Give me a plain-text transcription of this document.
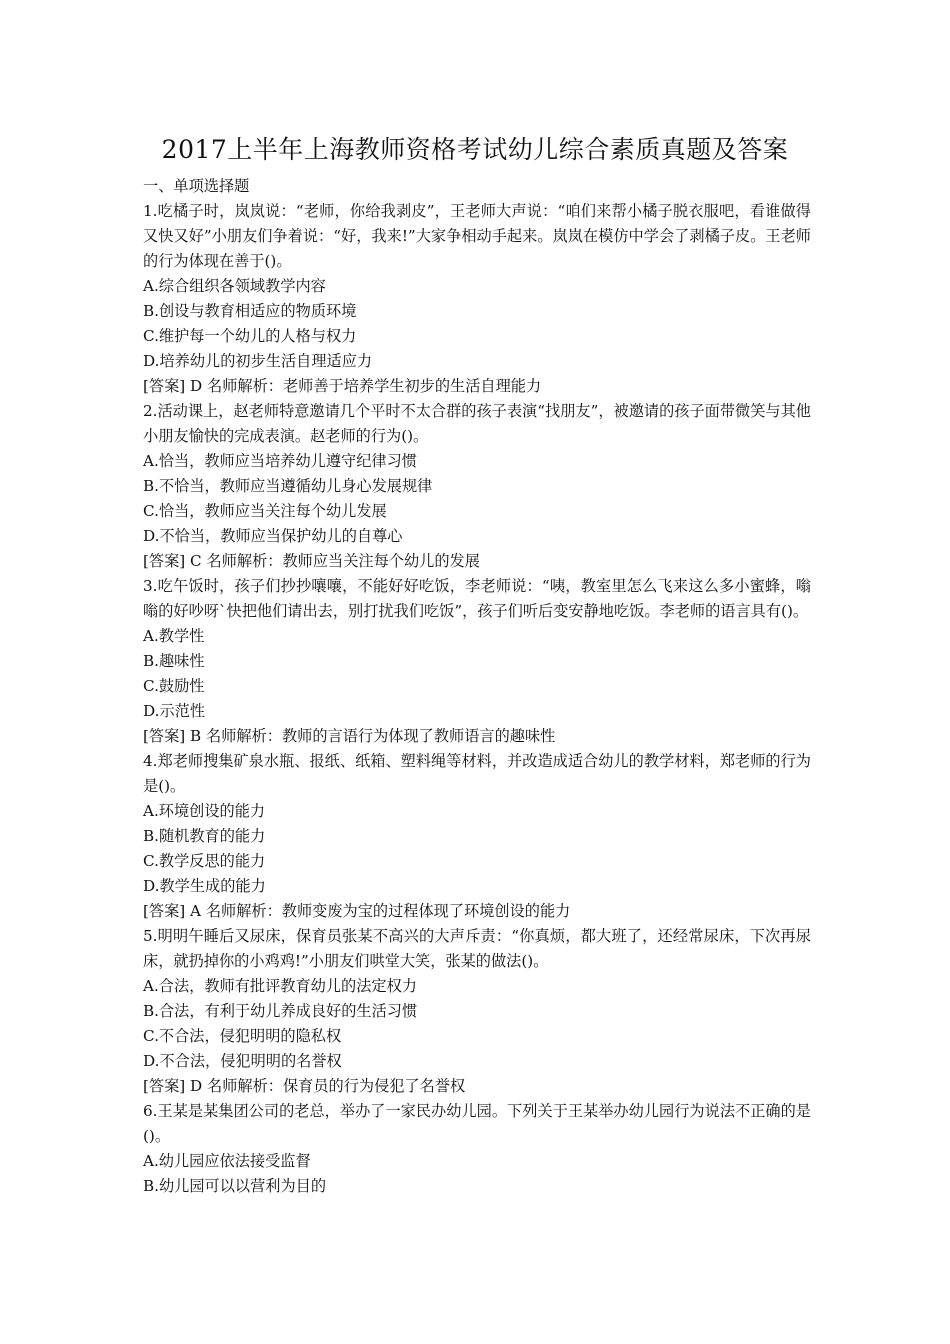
2017上半年上海教师资格考试幼儿综合素质真题及答案
一、单项选择题
1.吃橘子时，岚岚说：“老师，你给我剥皮”，王老师大声说：“咱们来帮小橘子脱衣服吧，看谁做得又快又好”小朋友们争着说：“好，我来!”大家争相动手起来。岚岚在模仿中学会了剥橘子皮。王老师的行为体现在善于()。
A.综合组织各领域教学内容
B.创设与教育相适应的物质环境
C.维护每一个幼儿的人格与权力
D.培养幼儿的初步生活自理适应力
[答案] D 名师解析：老师善于培养学生初步的生活自理能力
2.活动课上，赵老师特意邀请几个平时不太合群的孩子表演“找朋友”，被邀请的孩子面带微笑与其他小朋友愉快的完成表演。赵老师的行为()。
A.恰当，教师应当培养幼儿遵守纪律习惯
B.不恰当，教师应当遵循幼儿身心发展规律
C.恰当，教师应当关注每个幼儿发展
D.不恰当，教师应当保护幼儿的自尊心
[答案] C 名师解析：教师应当关注每个幼儿的发展
3.吃午饭时，孩子们抄抄嚷嚷，不能好好吃饭，李老师说：“咦，教室里怎么飞来这么多小蜜蜂，嗡嗡的好吵呀`快把他们请出去，别打扰我们吃饭”，孩子们听后变安静地吃饭。李老师的语言具有()。
A.教学性
B.趣味性
C.鼓励性
D.示范性
[答案] B 名师解析：教师的言语行为体现了教师语言的趣味性
4.郑老师搜集矿泉水瓶、报纸、纸箱、塑料绳等材料，并改造成适合幼儿的教学材料，郑老师的行为是()。
A.环境创设的能力
B.随机教育的能力
C.教学反思的能力
D.教学生成的能力
[答案] A 名师解析：教师变废为宝的过程体现了环境创设的能力
5.明明午睡后又尿床，保育员张某不高兴的大声斥责：“你真烦，都大班了，还经常尿床，下次再尿床，就扔掉你的小鸡鸡!”小朋友们哄堂大笑，张某的做法()。
A.合法，教师有批评教育幼儿的法定权力
B.合法，有利于幼儿养成良好的生活习惯
C.不合法，侵犯明明的隐私权
D.不合法，侵犯明明的名誉权
[答案] D 名师解析：保育员的行为侵犯了名誉权
6.王某是某集团公司的老总，举办了一家民办幼儿园。下列关于王某举办幼儿园行为说法不正确的是()。
A.幼儿园应依法接受监督
B.幼儿园可以以营利为目的
